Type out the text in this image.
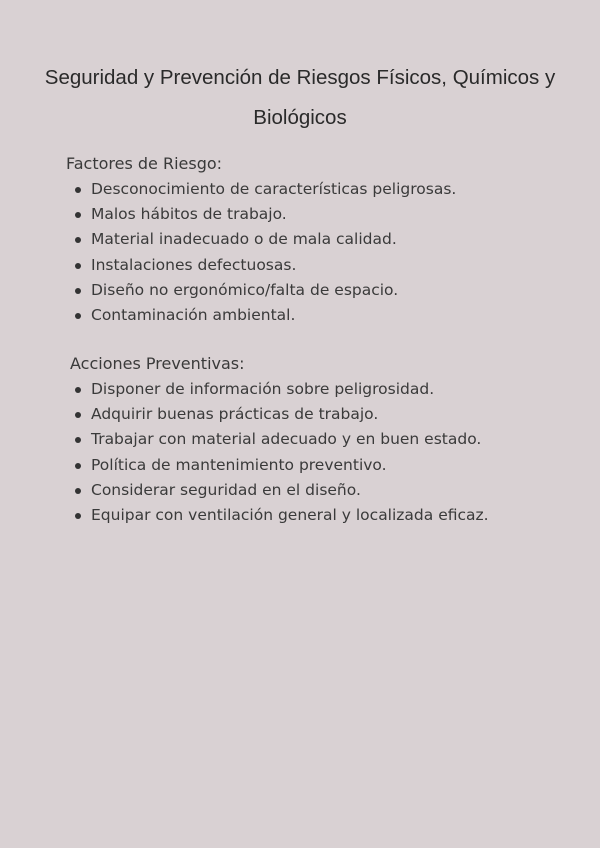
Seguridad y Prevención de Riesgos Físicos, Químicos y Biológicos
Factores de Riesgo:
Desconocimiento de características peligrosas.
Malos hábitos de trabajo.
Material inadecuado o de mala calidad.
Instalaciones defectuosas.
Diseño no ergonómico/falta de espacio.
Contaminación ambiental.
Acciones Preventivas:
Disponer de información sobre peligrosidad.
Adquirir buenas prácticas de trabajo.
Trabajar con material adecuado y en buen estado.
Política de mantenimiento preventivo.
Considerar seguridad en el diseño.
Equipar con ventilación general y localizada eficaz.
